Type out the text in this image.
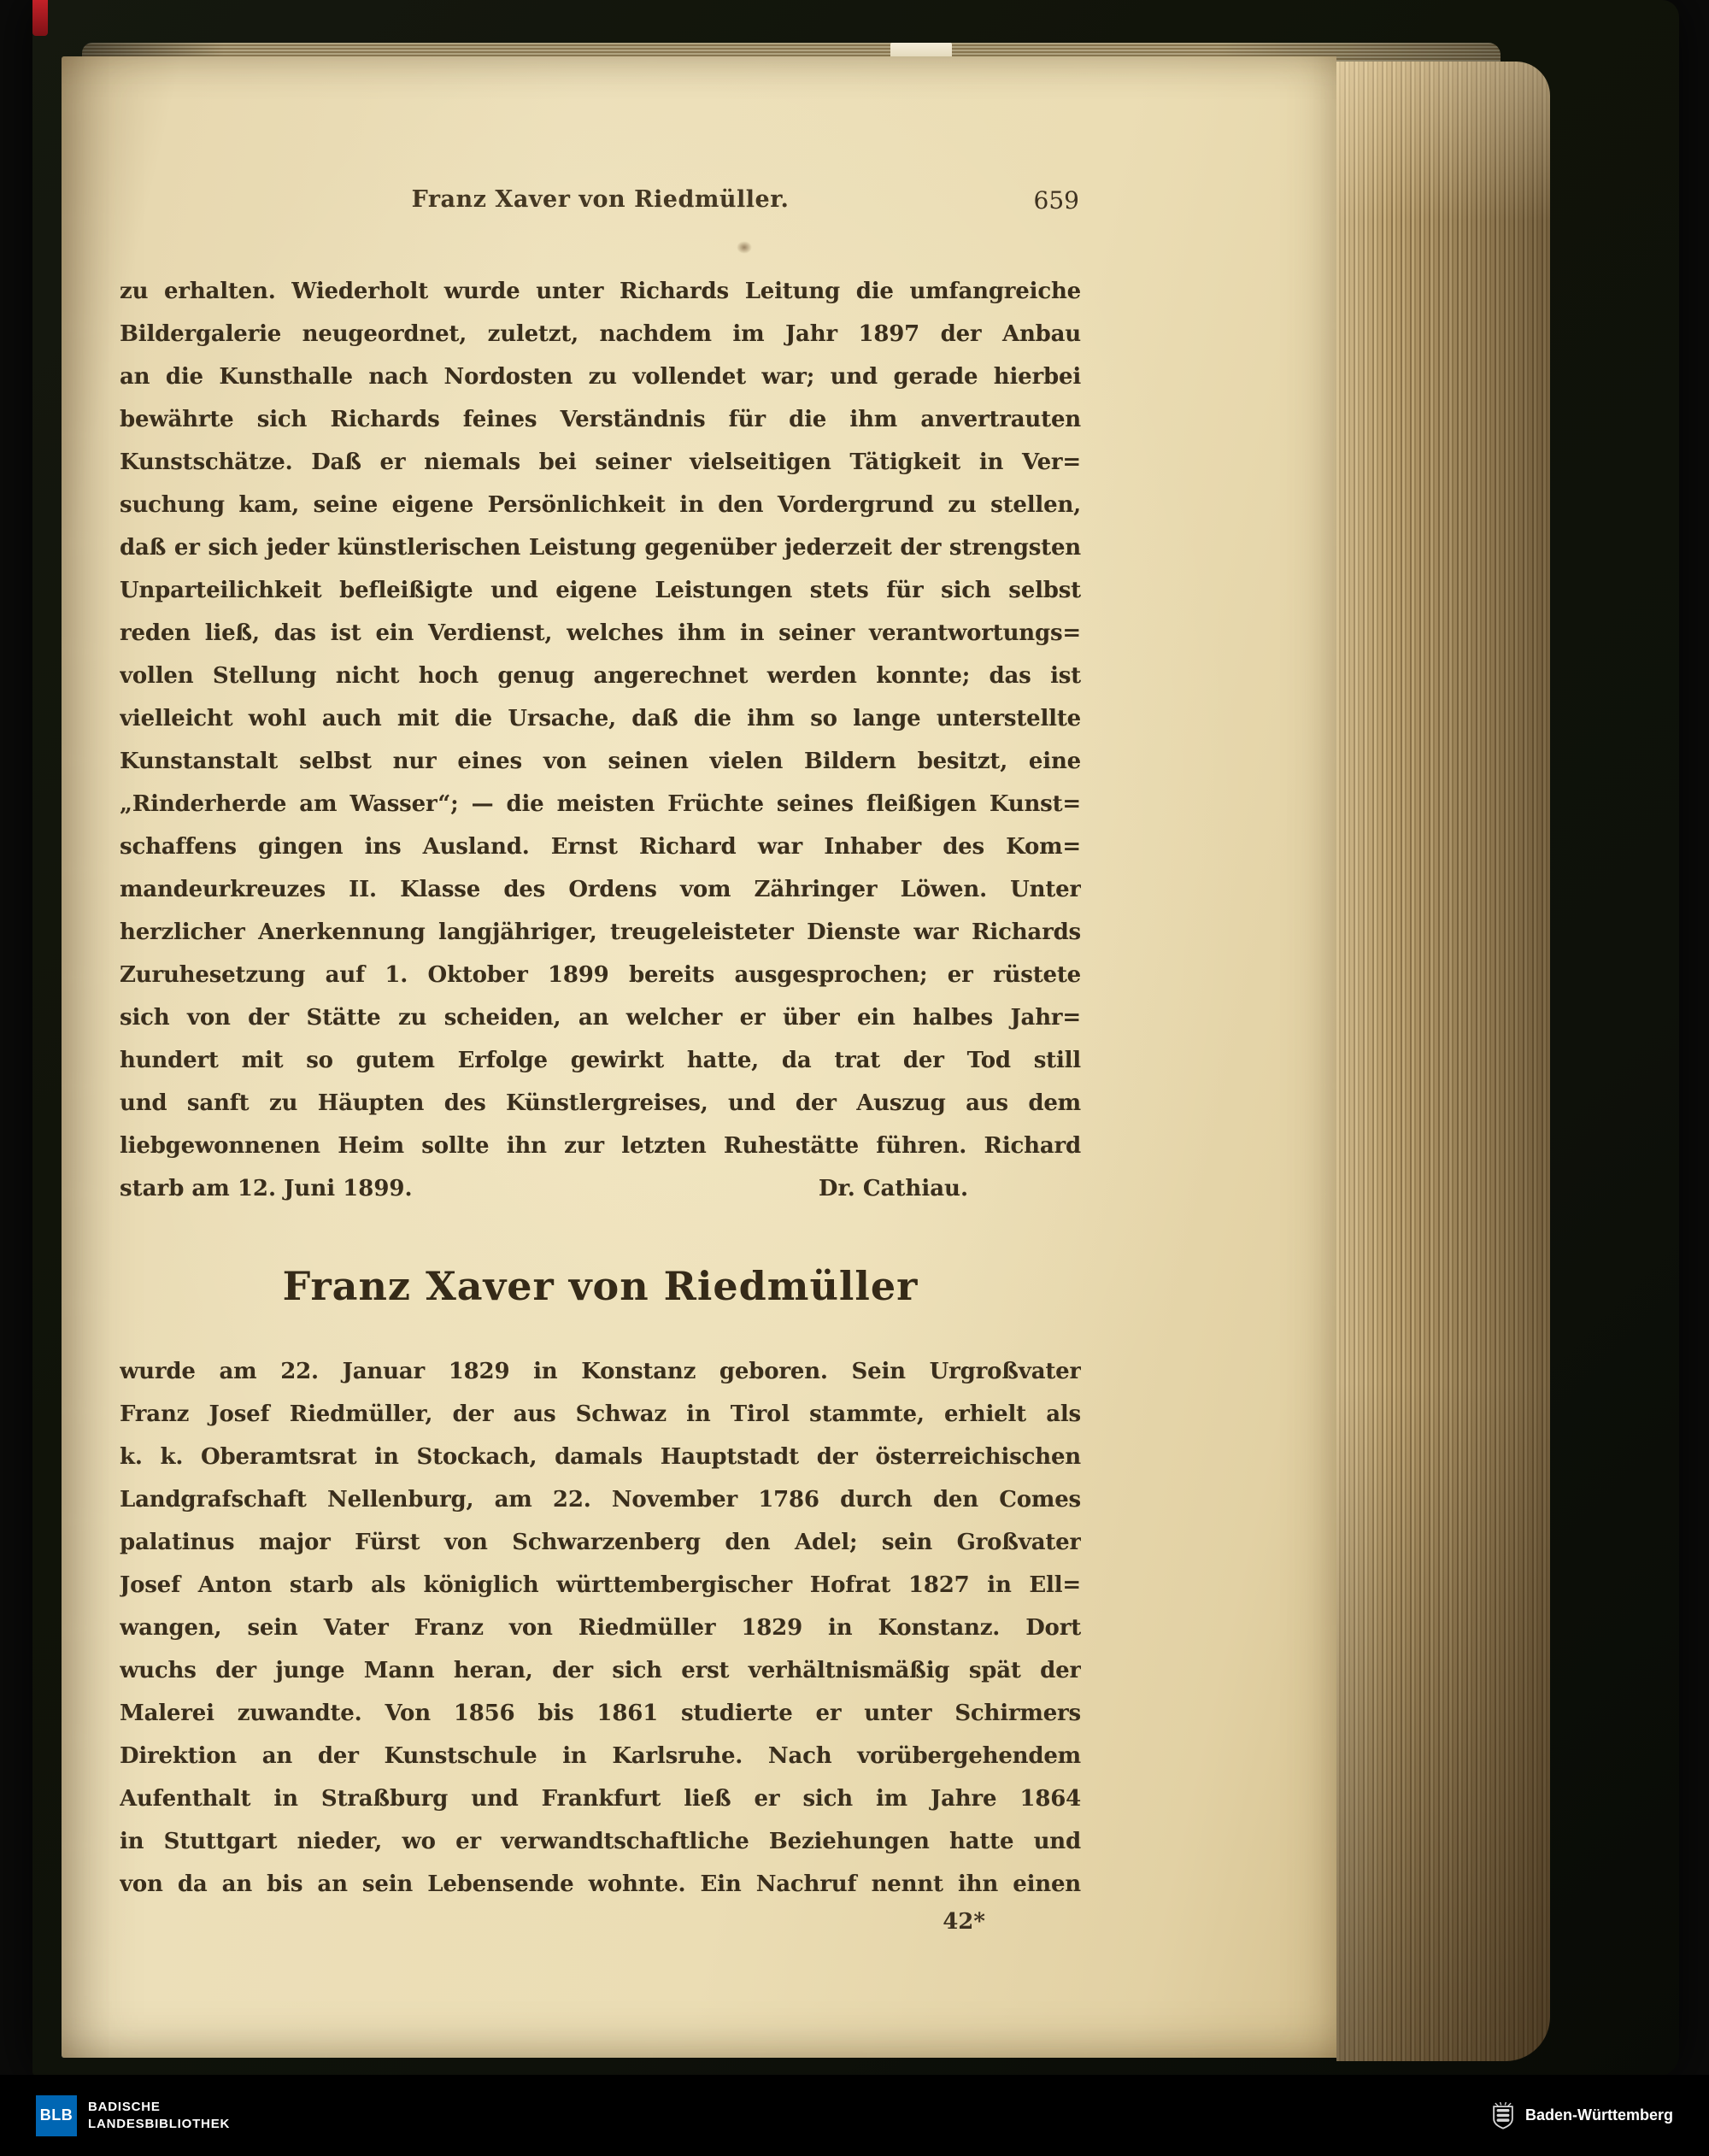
Franz Xaver von Riedmüller.	659
zu erhalten. Wiederholt wurde unter Richards Leitung die umfangreiche
Bildergalerie neugeordnet, zuletzt, nachdem im Jahr 1897 der Anbau
an die Kunsthalle nach Nordosten zu vollendet war; und gerade hierbei
bewährte sich Richards feines Verständnis für die ihm anvertrauten
Kunstschätze. Daß er niemals bei seiner vielseitigen Tätigkeit in Ver=
suchung kam, seine eigene Persönlichkeit in den Vordergrund zu stellen,
daß er sich jeder künstlerischen Leistung gegenüber jederzeit der strengsten
Unparteilichkeit befleißigte und eigene Leistungen stets für sich selbst
reden ließ, das ist ein Verdienst, welches ihm in seiner verantwortungs=
vollen Stellung nicht hoch genug angerechnet werden konnte; das ist
vielleicht wohl auch mit die Ursache, daß die ihm so lange unterstellte
Kunstanstalt selbst nur eines von seinen vielen Bildern besitzt, eine
„Rinderherde am Wasser“; — die meisten Früchte seines fleißigen Kunst=
schaffens gingen ins Ausland. Ernst Richard war Inhaber des Kom=
mandeurkreuzes II. Klasse des Ordens vom Zähringer Löwen. Unter
herzlicher Anerkennung langjähriger, treugeleisteter Dienste war Richards
Zuruhesetzung auf 1. Oktober 1899 bereits ausgesprochen; er rüstete
sich von der Stätte zu scheiden, an welcher er über ein halbes Jahr=
hundert mit so gutem Erfolge gewirkt hatte, da trat der Tod still
und sanft zu Häupten des Künstlergreises, und der Auszug aus dem
liebgewonnenen Heim sollte ihn zur letzten Ruhestätte führen. Richard
starb am 12. Juni 1899.	Dr. Cathiau.
Franz Xaver von Riedmüller
wurde am 22. Januar 1829 in Konstanz geboren. Sein Urgroßvater
Franz Josef Riedmüller, der aus Schwaz in Tirol stammte, erhielt als
k. k. Oberamtsrat in Stockach, damals Hauptstadt der österreichischen
Landgrafschaft Nellenburg, am 22. November 1786 durch den Comes
palatinus major Fürst von Schwarzenberg den Adel; sein Großvater
Josef Anton starb als königlich württembergischer Hofrat 1827 in Ell=
wangen, sein Vater Franz von Riedmüller 1829 in Konstanz. Dort
wuchs der junge Mann heran, der sich erst verhältnismäßig spät der
Malerei zuwandte. Von 1856 bis 1861 studierte er unter Schirmers
Direktion an der Kunstschule in Karlsruhe. Nach vorübergehendem
Aufenthalt in Straßburg und Frankfurt ließ er sich im Jahre 1864
in Stuttgart nieder, wo er verwandtschaftliche Beziehungen hatte und
von da an bis an sein Lebensende wohnte. Ein Nachruf nennt ihn einen
42*
BLB	BADISCHE
LANDESBIBLIOTHEK	Baden-Württemberg
